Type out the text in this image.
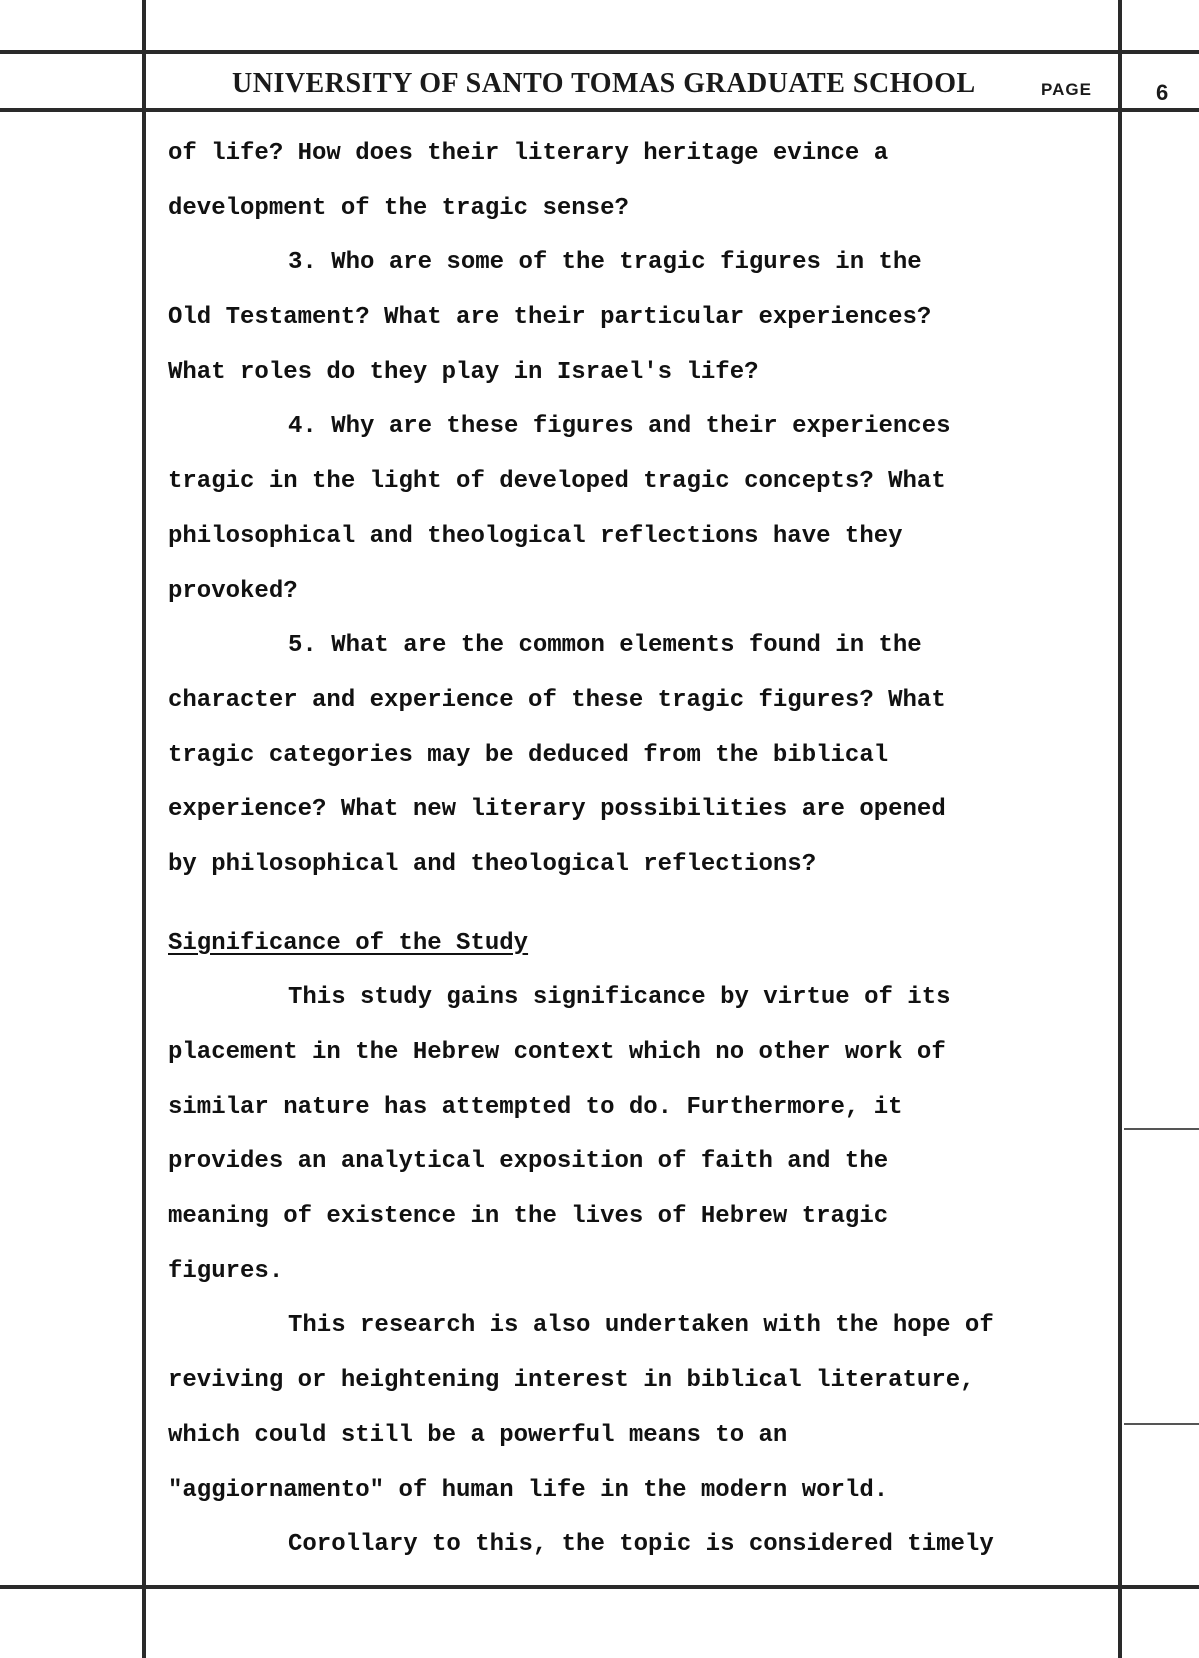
UNIVERSITY OF SANTO TOMAS GRADUATE SCHOOL	PAGE	6
of life? How does their literary heritage evince a
development of the tragic sense?
3. Who are some of the tragic figures in the
Old Testament? What are their particular experiences?
What roles do they play in Israel's life?
4. Why are these figures and their experiences
tragic in the light of developed tragic concepts? What
philosophical and theological reflections have they
provoked?
5. What are the common elements found in the
character and experience of these tragic figures? What
tragic categories may be deduced from the biblical
experience? What new literary possibilities are opened
by philosophical and theological reflections?
Significance of the Study
This study gains significance by virtue of its
placement in the Hebrew context which no other work of
similar nature has attempted to do. Furthermore, it
provides an analytical exposition of faith and the
meaning of existence in the lives of Hebrew tragic
figures.
This research is also undertaken with the hope of
reviving or heightening interest in biblical literature,
which could still be a powerful means to an
"aggiornamento" of human life in the modern world.
Corollary to this, the topic is considered timely
